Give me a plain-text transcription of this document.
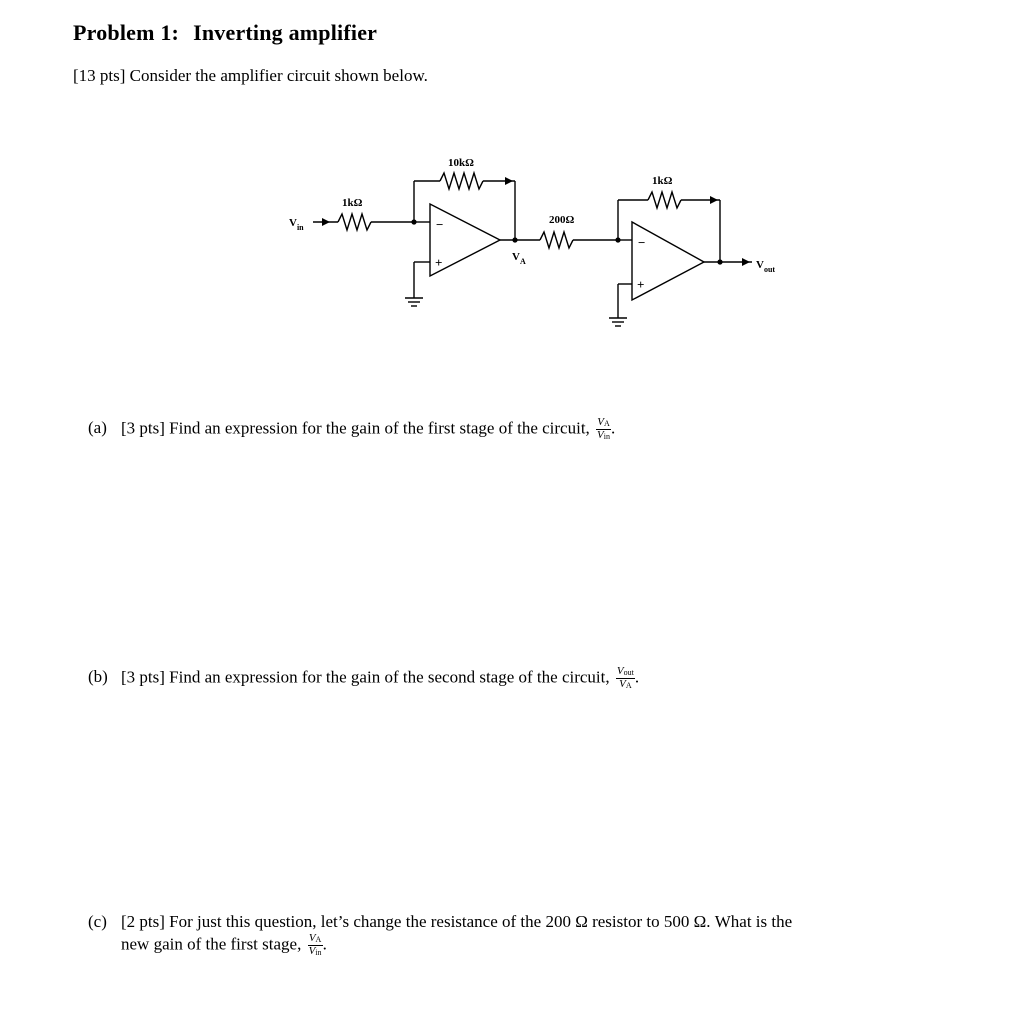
Problem 1: Inverting amplifier
[13 pts] Consider the amplifier circuit shown below.
$V_{in}$
1kΩ
10kΩ
$V_A$
200Ω
1kΩ
$V_{out}$
−
+
−
+
(a) [3 pts] Find an expression for the gain of the first stage of the circuit, $\frac{V_A}{V_{in}}$ .
(b) [3 pts] Find an expression for the gain of the second stage of the circuit, $\frac{V_{out}}{V_A}$ .
(c) [2 pts] For just this question, let’s change the resistance of the 200 Ω resistor to 500 Ω. What is the
new gain of the first stage, $\frac{V_A}{V_{in}}$ .
